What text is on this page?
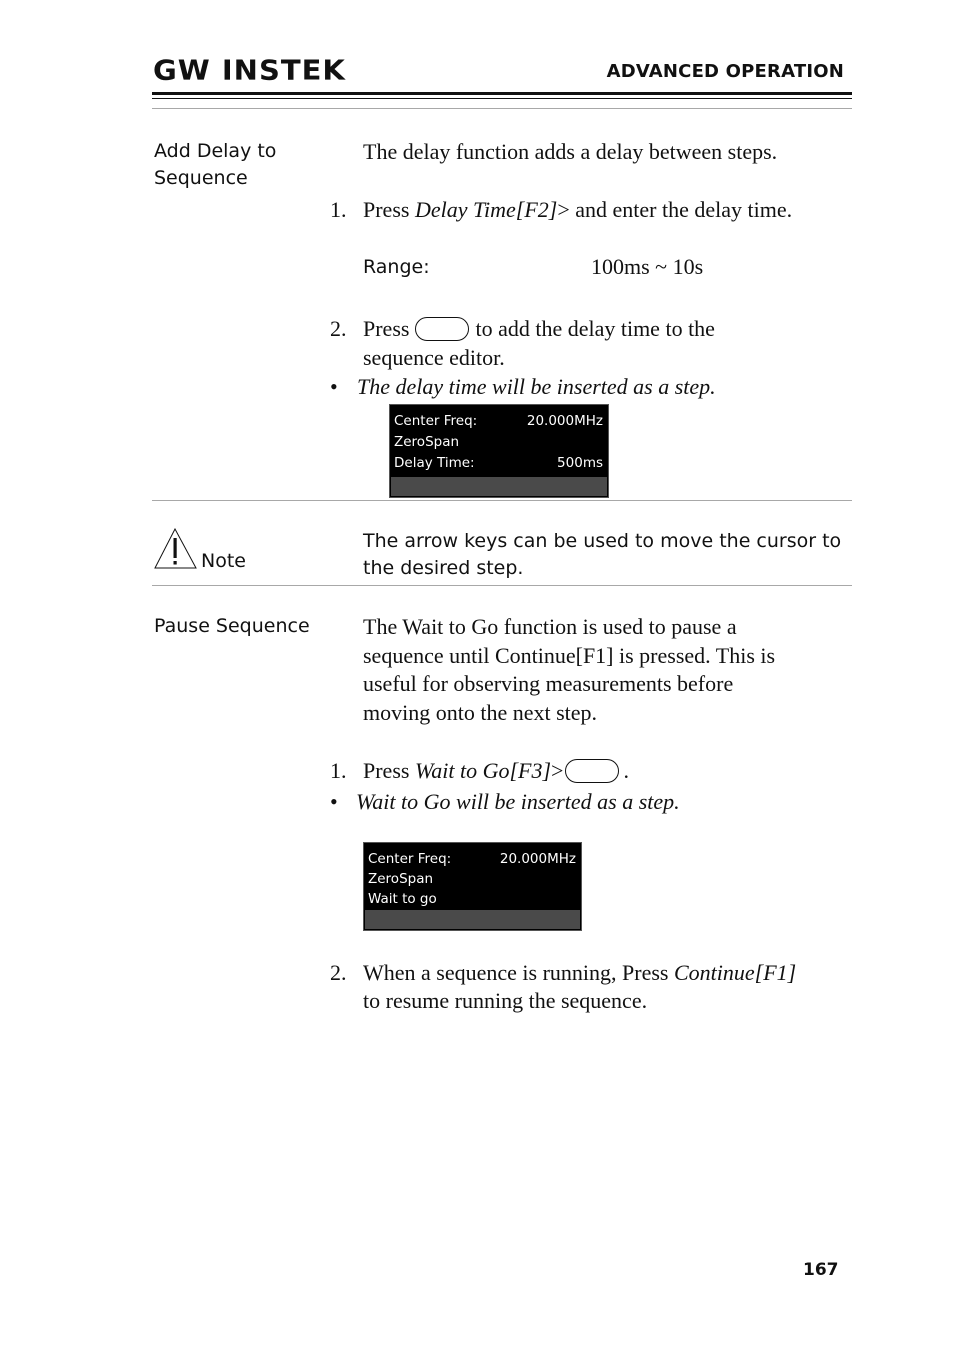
GW INSTEK	ADVANCED OPERATION
Add Delay to Sequence
The delay function adds a delay between steps.
1. Press Delay Time[F2]> and enter the delay time.
Range:	100ms ~ 10s
2. Press	to add the delay time to the
sequence editor.
• The delay time will be inserted as a step.
Center Freq:	20.000MHz
ZeroSpan
Delay Time:	500ms
Note
The arrow keys can be used to move the cursor to
the desired step.
Pause Sequence The Wait to Go function is used to pause a
sequence until Continue[F1] is pressed. This is
useful for observing measurements before
moving onto the next step.
1. Press Wait to Go[F3]>	.
• Wait to Go will be inserted as a step.
Center Freq:	20.000MHz
ZeroSpan
Wait to go
2. When a sequence is running, Press Continue[F1]
to resume running the sequence.
167
